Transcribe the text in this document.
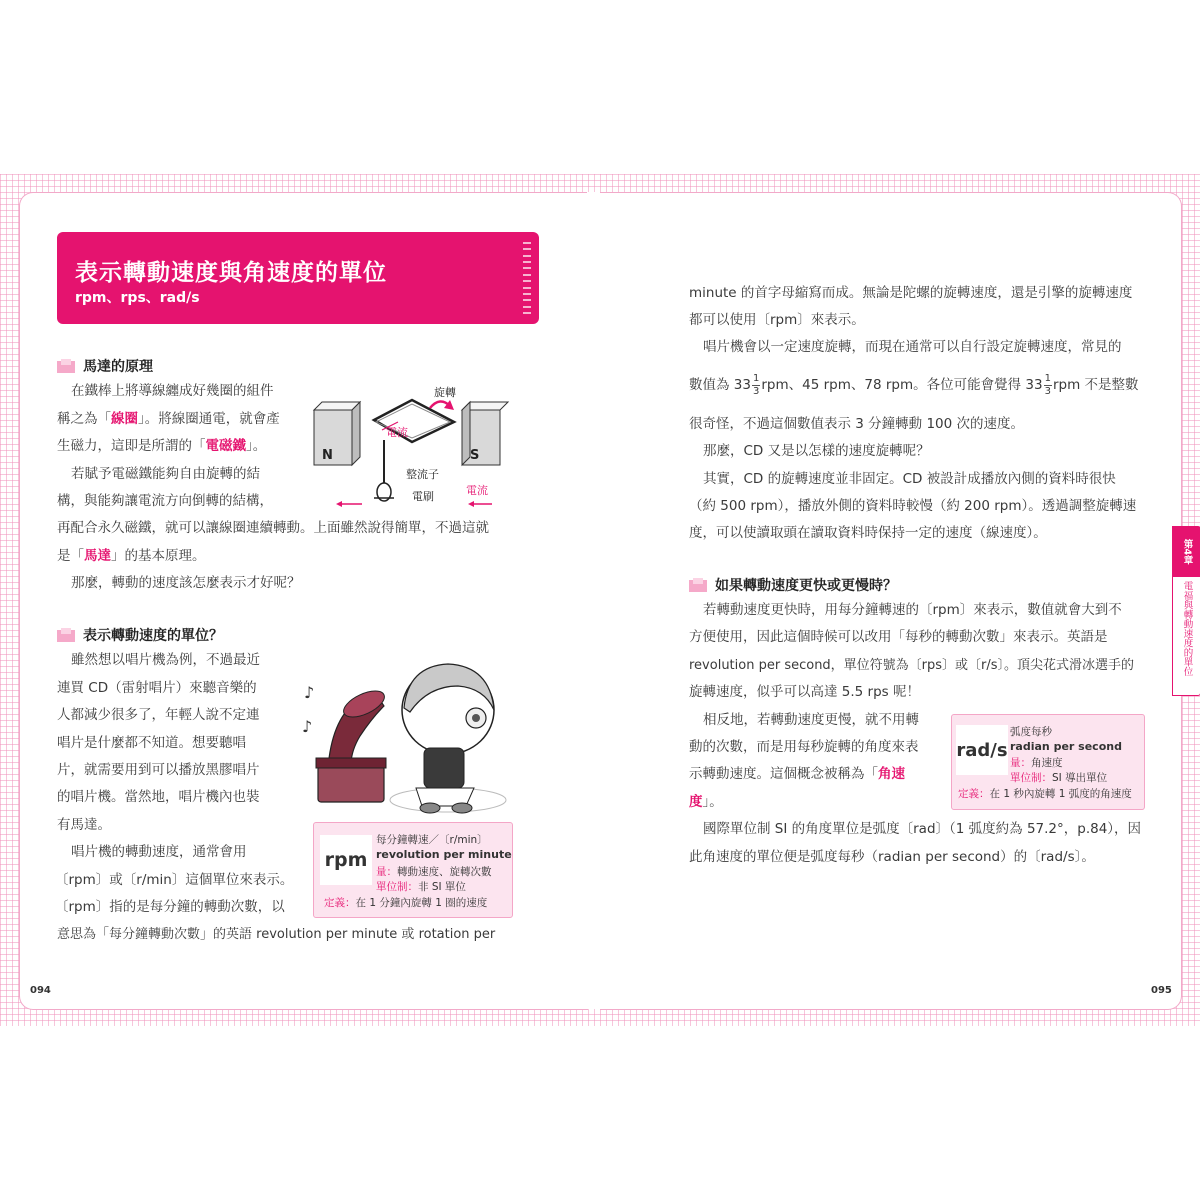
表示轉動速度與角速度的單位
rpm、rps、rad/s
馬達的原理

在鐵棒上將導線纏成好幾圈的組件

稱之為「線圈」。將線圈通電，就會產

生磁力，這即是所謂的「電磁鐵」。

若賦予電磁鐵能夠自由旋轉的結

構，與能夠讓電流方向倒轉的結構，

再配合永久磁鐵，就可以讓線圈連續轉動。上面雖然說得簡單，不過這就

是「馬達」的基本原理。

那麼，轉動的速度該怎麼表示才好呢？

旋轉
電流
N	S
整流子
電刷	電流
表示轉動速度的單位？

雖然想以唱片機為例，不過最近

連買 CD（雷射唱片）來聽音樂的

人都減少很多了，年輕人說不定連

唱片是什麼都不知道。想要聽唱

片，就需要用到可以播放黑膠唱片

的唱片機。當然地，唱片機內也裝

有馬達。

唱片機的轉動速度，通常會用

〔rpm〕或〔r/min〕這個單位來表示。

〔rpm〕指的是每分鐘的轉動次數，以

意思為「每分鐘轉動次數」的英語 revolution per minute 或 rotation per

♪
♪
rpm
每分鐘轉速／〔r/min〕
revolution per minute
量：轉動速度、旋轉次數
單位制：非 SI 單位
定義：在 1 分鐘內旋轉 1 圈的速度
094

minute 的首字母縮寫而成。無論是陀螺的旋轉速度，還是引擎的旋轉速度

都可以使用〔rpm〕來表示。

唱片機會以一定速度旋轉，而現在通常可以自行設定旋轉速度，常見的

數值為 $33 \frac{1}{3}$ rpm、45 rpm、78 rpm。各位可能會覺得 $33 \frac{1}{3}$ rpm 不是整數

很奇怪，不過這個數值表示 3 分鐘轉動 100 次的速度。

那麼，CD 又是以怎樣的速度旋轉呢？

其實，CD 的旋轉速度並非固定。CD 被設計成播放內側的資料時很快

（約 500 rpm），播放外側的資料時較慢（約 200 rpm）。透過調整旋轉速

度，可以使讀取頭在讀取資料時保持一定的速度（線速度）。

如果轉動速度更快或更慢時？

若轉動速度更快時，用每分鐘轉速的〔rpm〕來表示，數值就會大到不

方便使用，因此這個時候可以改用「每秒的轉動次數」來表示。英語是

revolution per second，單位符號為〔rps〕或〔r/s〕。頂尖花式滑冰選手的

旋轉速度，似乎可以高達 5.5 rps 呢！

相反地，若轉動速度更慢，就不用轉

動的次數，而是用每秒旋轉的角度來表

示轉動速度。這個概念被稱為「角速

度」。

國際單位制 SI 的角度單位是弧度〔rad〕（1 弧度約為 57.2°，p.84），因

此角速度的單位便是弧度每秒（radian per second）的〔rad/s〕。

rad/s
弧度每秒
radian per second
量：角速度
單位制：SI 導出單位
定義：在 1 秒內旋轉 1 弧度的角速度
095
第4章
電福與轉動速度的單位
